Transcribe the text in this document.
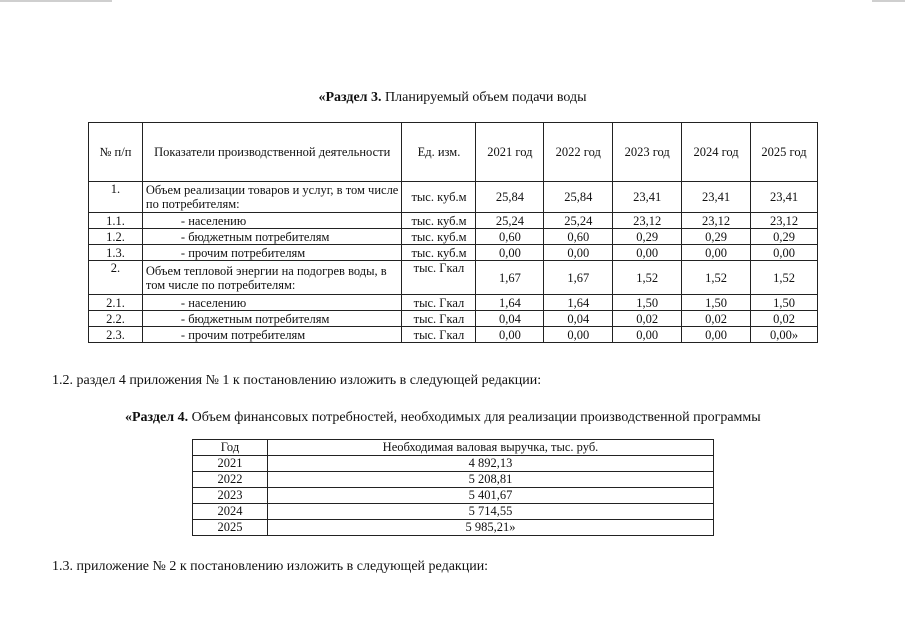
«Раздел 3. Планируемый объем подачи воды
№ п/п	Показатели производственной деятельности	Ед. изм.	2021 год	2022 год	2023 год	2024 год	2025 год
1.	Объем реализации товаров и услуг, в том числе по потребителям:	тыс. куб.м	25,84	25,84	23,41	23,41	23,41
1.1.	- населению	тыс. куб.м	25,24	25,24	23,12	23,12	23,12
1.2.	- бюджетным потребителям	тыс. куб.м	0,60	0,60	0,29	0,29	0,29
1.3.	- прочим потребителям	тыс. куб.м	0,00	0,00	0,00	0,00	0,00
2.	Объем тепловой энергии на подогрев воды, в том числе по потребителям:	тыс. Гкал	1,67	1,67	1,52	1,52	1,52
2.1.	- населению	тыс. Гкал	1,64	1,64	1,50	1,50	1,50
2.2.	- бюджетным потребителям	тыс. Гкал	0,04	0,04	0,02	0,02	0,02
2.3.	- прочим потребителям	тыс. Гкал	0,00	0,00	0,00	0,00	0,00»
1.2. раздел 4 приложения № 1 к постановлению изложить в следующей редакции:
«Раздел 4. Объем финансовых потребностей, необходимых для реализации производственной программы
Год	Необходимая валовая выручка, тыс. руб.
2021	4 892,13
2022	5 208,81
2023	5 401,67
2024	5 714,55
2025	5 985,21»
1.3. приложение № 2 к постановлению изложить в следующей редакции:
